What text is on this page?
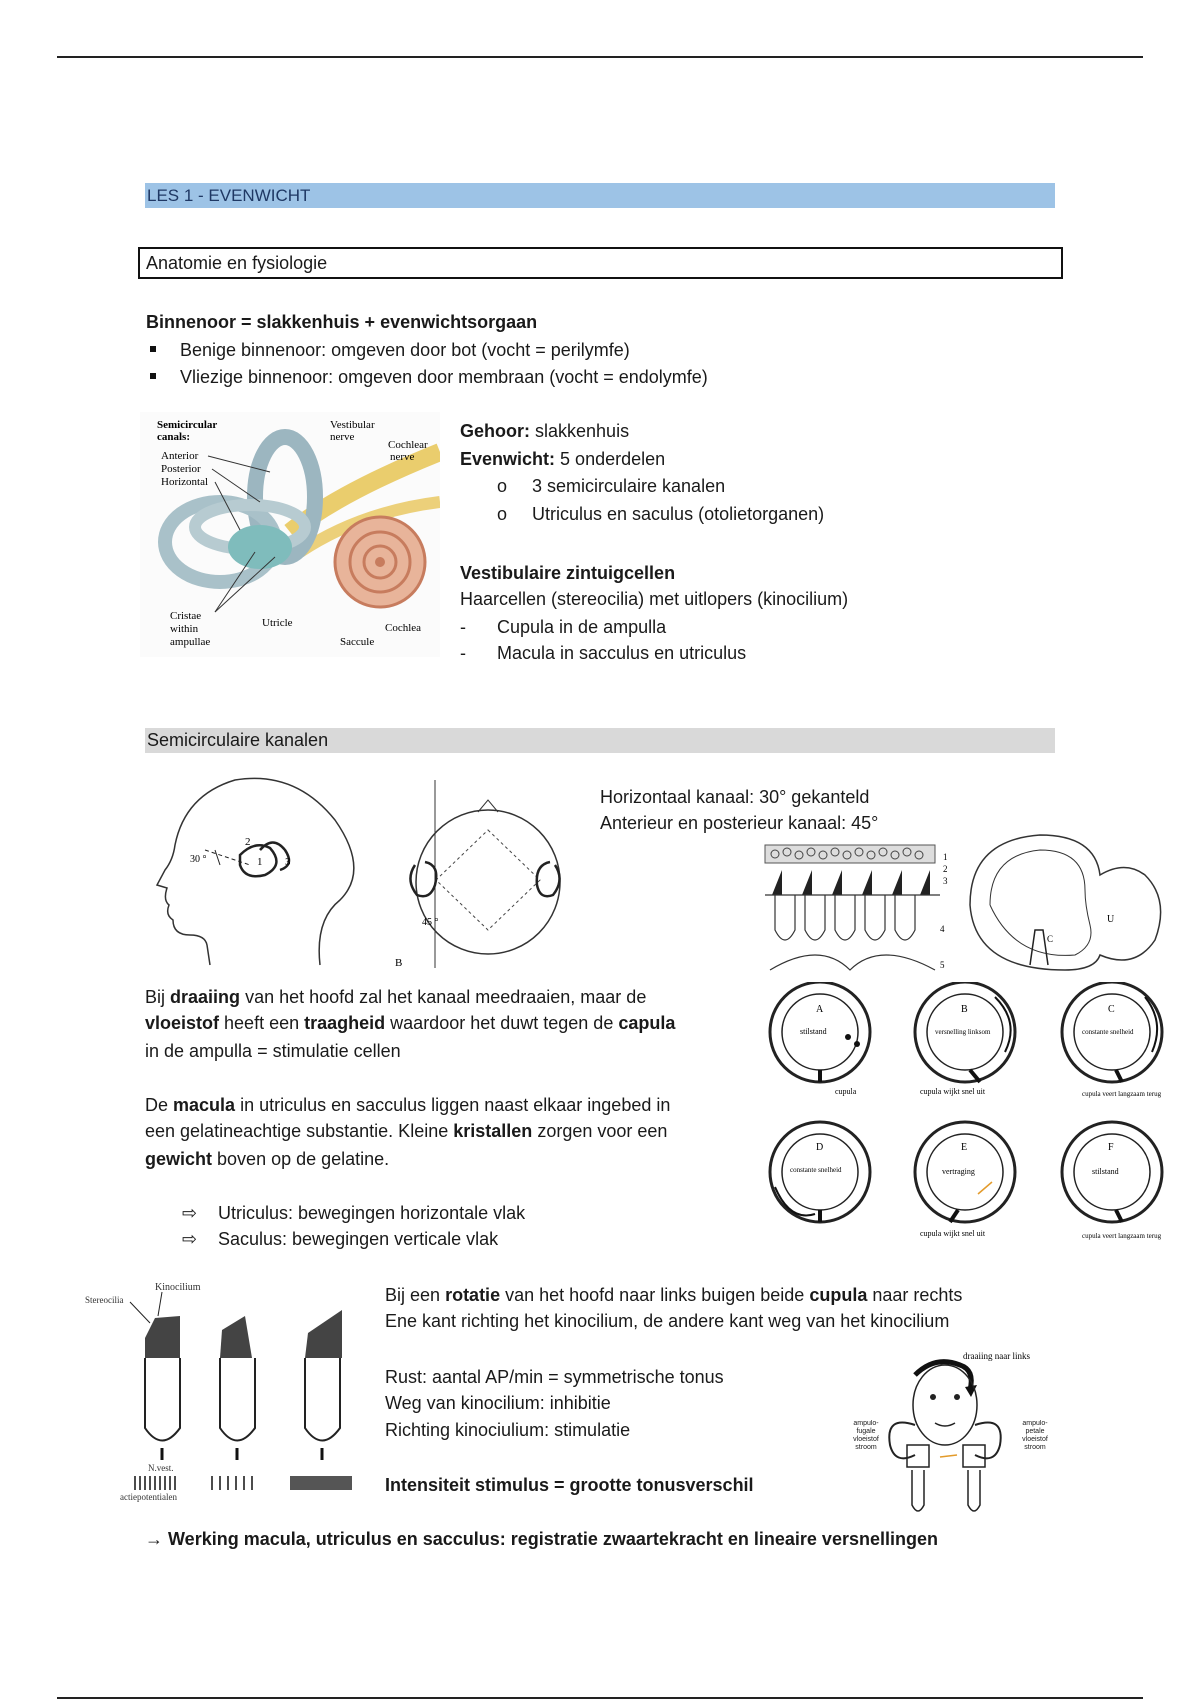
LES 1 - EVENWICHT
Anatomie en fysiologie
Binnenoor = slakkenhuis + evenwichtsorgaan
Benige binnenoor: omgeven door bot (vocht = perilymfe)
Vliezige binnenoor: omgeven door membraan (vocht = endolymfe)
Semicircular
canals:
Anterior
Posterior
Horizontal
Vestibular
nerve
Cochlear
nerve
Cristae
within
ampullae
Utricle
Saccule
Cochlea
Gehoor: slakkenhuis
Evenwicht: 5 onderdelen
o 3 semicirculaire kanalen
o Utriculus en saculus (otolietorganen)
Vestibulaire zintuigcellen
Haarcellen (stereocilia) met uitlopers (kinocilium)
- Cupula in de ampulla
- Macula in sacculus en utriculus
Semicirculaire kanalen
30 °
2
1 3
45 °
B
Horizontaal kanaal: 30° gekanteld
Anterieur en posterieur kanaal: 45°
1
2
3
4
5
U
C
Bij draaiing van het hoofd zal het kanaal meedraaien, maar de
vloeistof heeft een traagheid waardoor het duwt tegen de capula
in de ampulla = stimulatie cellen
A
stilstand
cupula
B
versnelling linksom
cupula wijkt snel uit
C
constante snelheid
cupula veert langzaam terug
D
constante snelheid
E
vertraging
cupula wijkt snel uit
F
stilstand
cupula veert langzaam terug
De macula in utriculus en sacculus liggen naast elkaar ingebed in
een gelatineachtige substantie. Kleine kristallen zorgen voor een
gewicht boven op de gelatine.
⇨ Utriculus: bewegingen horizontale vlak
⇨ Saculus: bewegingen verticale vlak
Kinocilium
Stereocilia
N.vest.
actiepotentialen
Bij een rotatie van het hoofd naar links buigen beide cupula naar rechts
Ene kant richting het kinocilium, de andere kant weg van het kinocilium
Rust: aantal AP/min = symmetrische tonus
Weg van kinocilium: inhibitie
Richting kinociulium: stimulatie
Intensiteit stimulus = grootte tonusverschil
draaiing naar links
ampulo-fugale vloeistof stroom
ampulo-petale vloeistof stroom
→ Werking macula, utriculus en sacculus: registratie zwaartekracht en lineaire versnellingen
